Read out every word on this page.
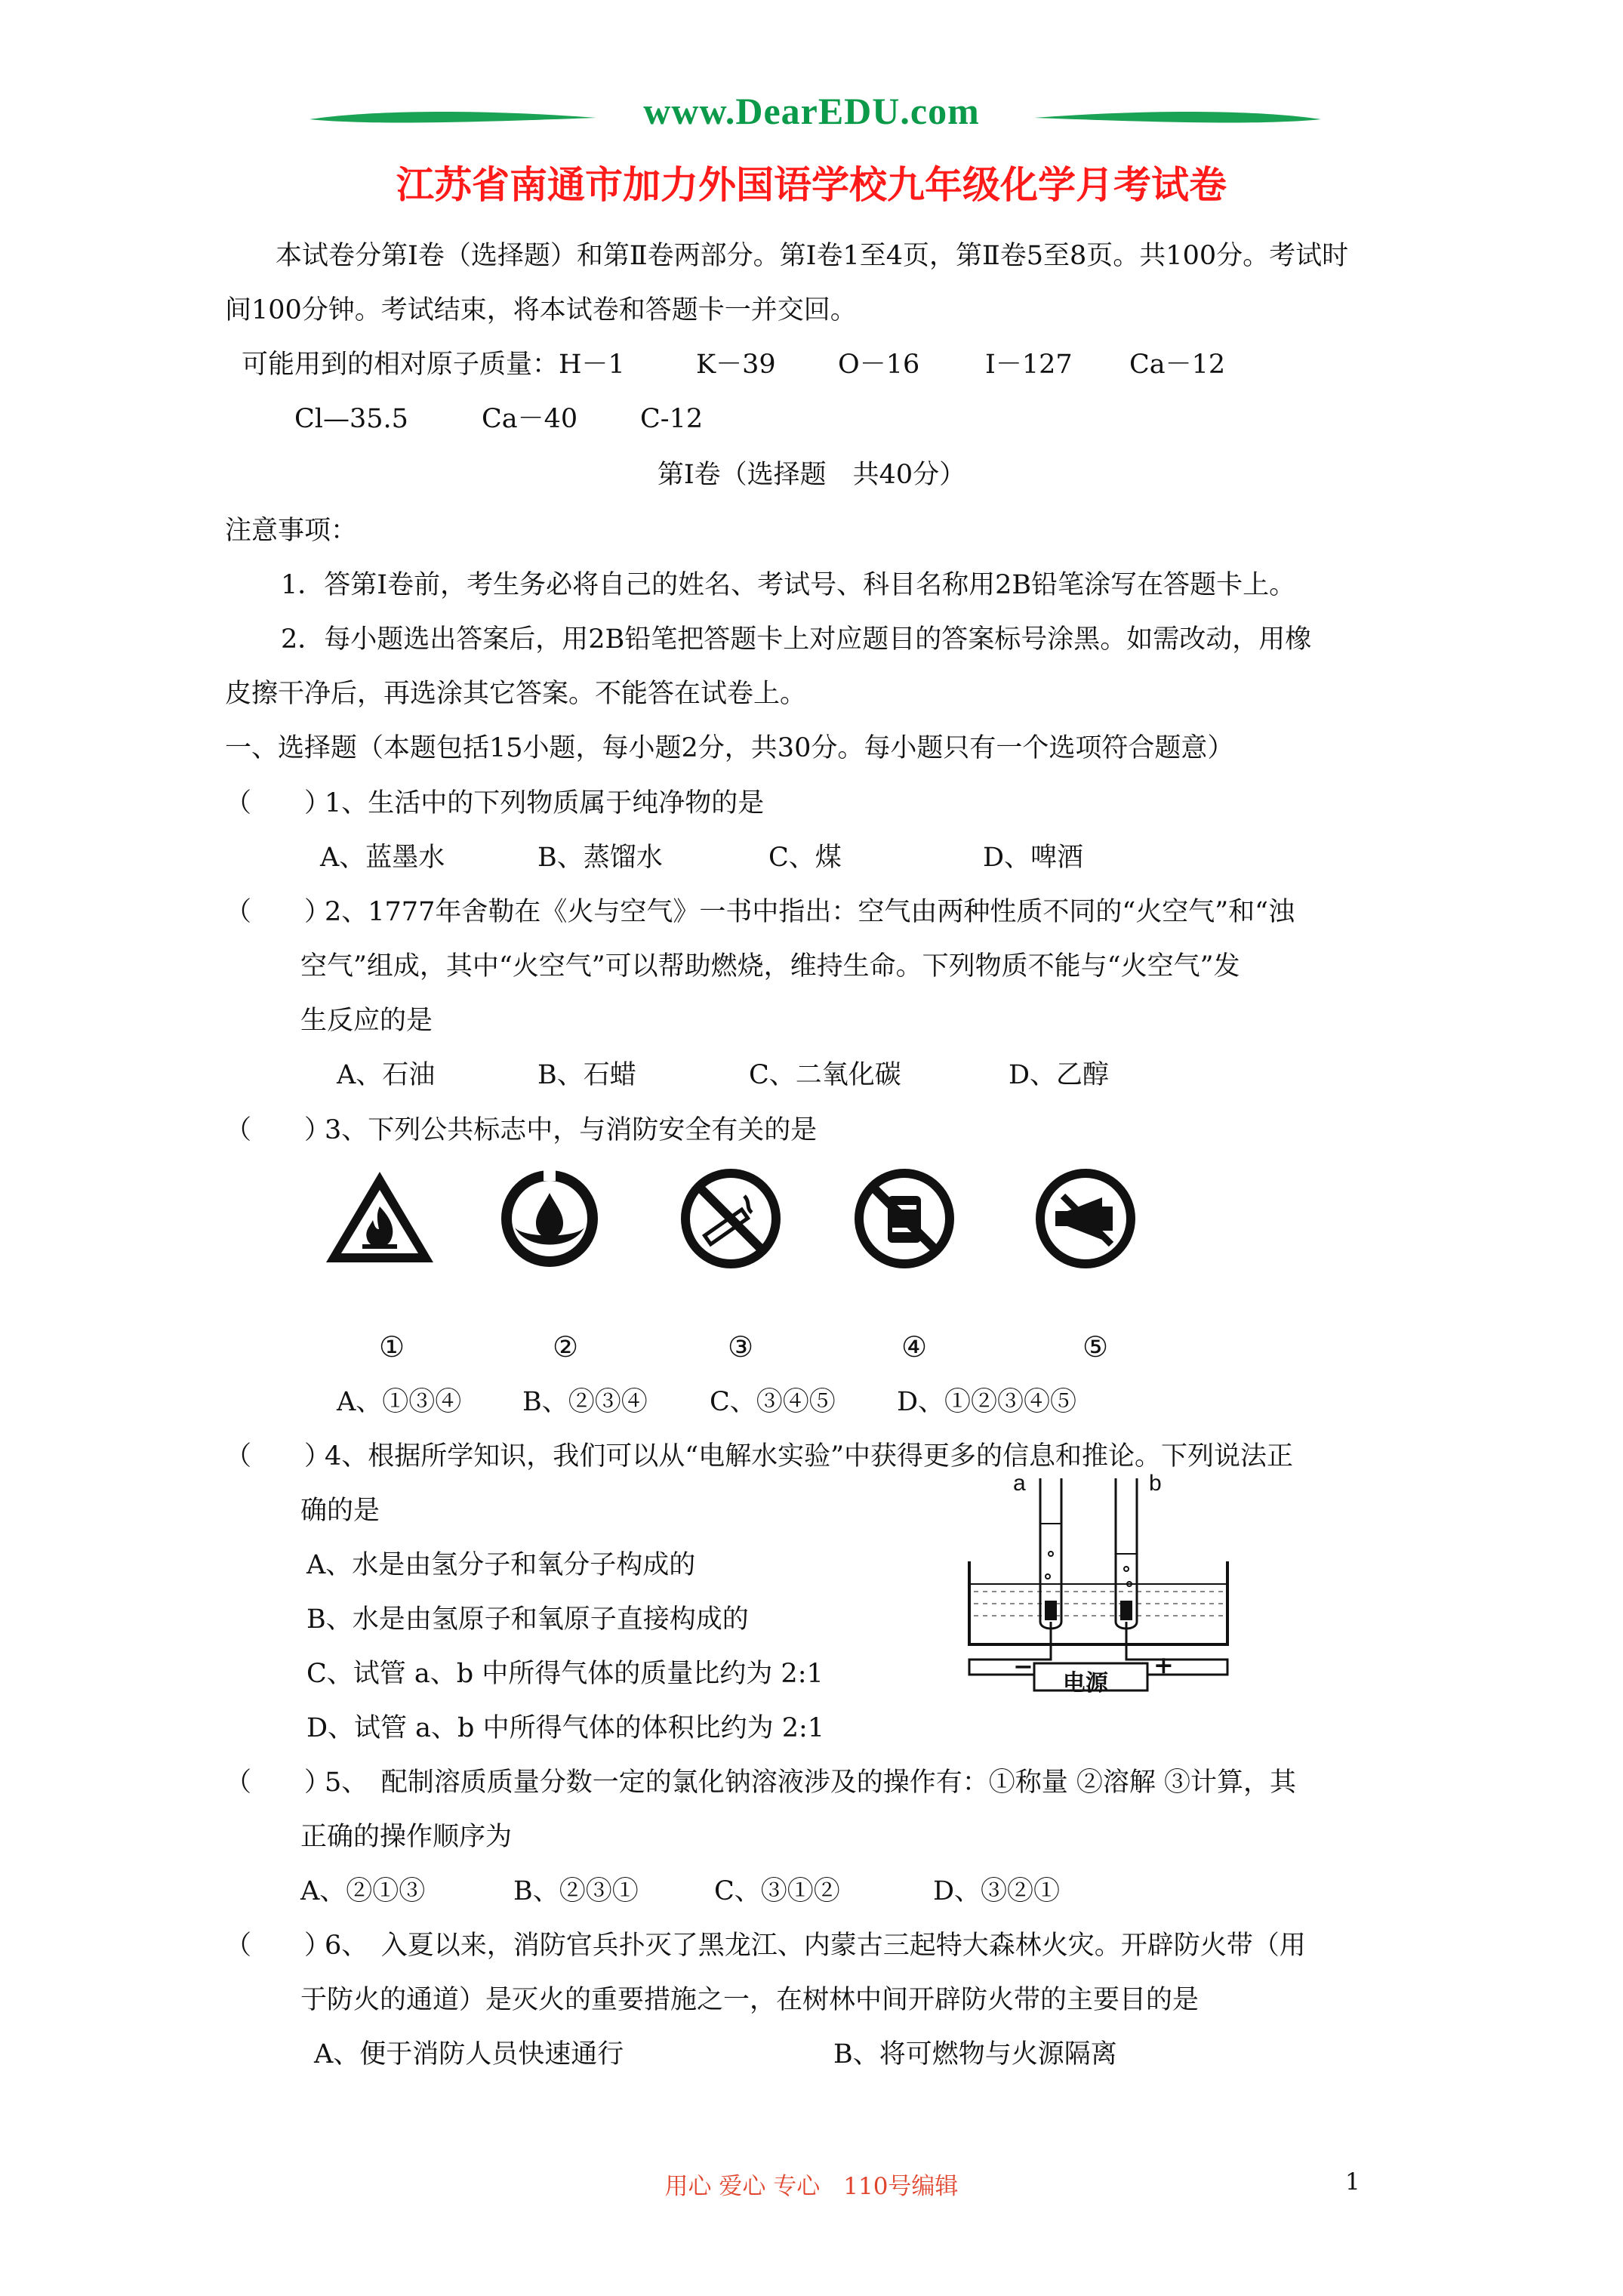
www.DearEDU.com
江苏省南通市加力外国语学校九年级化学月考试卷
本试卷分第Ⅰ卷（选择题）和第Ⅱ卷两部分。第Ⅰ卷1至4页，第Ⅱ卷5至8页。共100分。考试时
间100分钟。考试结束，将本试卷和答题卡一并交回。
可能用到的相对原子质量：H－1	K－39 O－16 I－127 Ca－12
Cl—35.5	Ca－40 C-12
第Ⅰ卷（选择题　共40分）
注意事项：
1．答第Ⅰ卷前，考生务必将自己的姓名、考试号、科目名称用2B铅笔涂写在答题卡上。
2．每小题选出答案后，用2B铅笔把答题卡上对应题目的答案标号涂黑。如需改动，用橡
皮擦干净后，再选涂其它答案。不能答在试卷上。
一、选择题（本题包括15小题，每小题2分，共30分。每小题只有一个选项符合题意）
（　　）
1、生活中的下列物质属于纯净物的是
A、蓝墨水	B、蒸馏水	C、煤	D、啤酒
（　　）
2、1777年舍勒在《火与空气》一书中指出：空气由两种性质不同的“火空气”和“浊
空气”组成，其中“火空气”可以帮助燃烧，维持生命。下列物质不能与“火空气”发
生反应的是
A、石油	B、石蜡	C、二氧化碳	D、乙醇
（　　）
3、下列公共标志中，与消防安全有关的是
①	②	③	④	⑤
A、①③④ B、②③④ C、③④⑤ D、①②③④⑤
（　　）
4、根据所学知识，我们可以从“电解水实验”中获得更多的信息和推论。下列说法正
确的是
A、水是由氢分子和氧分子构成的
B、水是由氢原子和氧原子直接构成的
C、试管 a、b 中所得气体的质量比约为 2:1
D、试管 a、b 中所得气体的体积比约为 2:1
a	b
电源
−	+
（　　）
5、　配制溶质质量分数一定的氯化钠溶液涉及的操作有：①称量 ②溶解 ③计算，其
正确的操作顺序为
A、②①③	B、②③①	C、③①②	D、③②①
（　　）
6、　入夏以来，消防官兵扑灭了黑龙江、内蒙古三起特大森林火灾。开辟防火带（用
于防火的通道）是灭火的重要措施之一，在树林中间开辟防火带的主要目的是
A、便于消防人员快速通行	B、将可燃物与火源隔离
用心 爱心 专心　110号编辑	1
